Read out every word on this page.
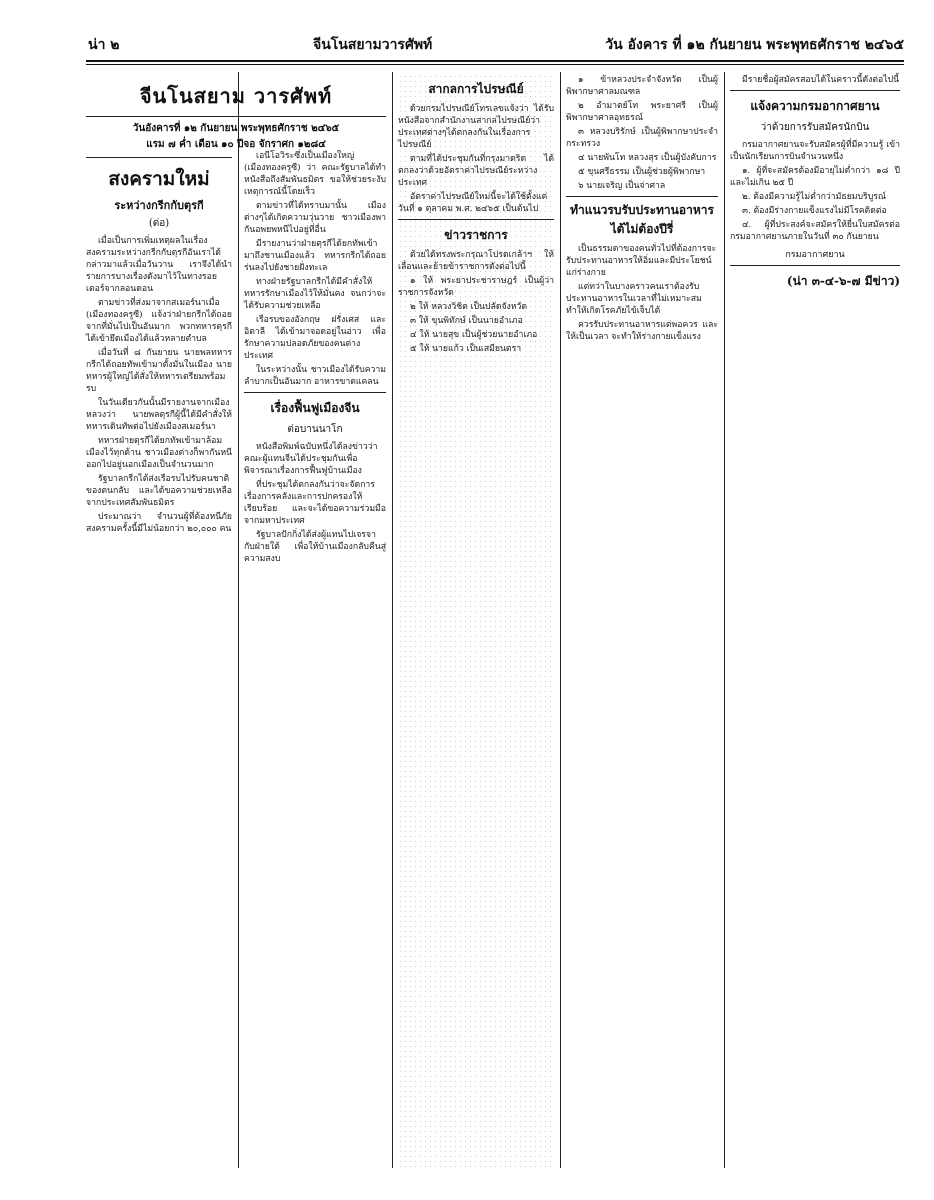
น่า ๒	จีนโนสยามวารศัพท์	วัน อังคาร ที่ ๑๒ กันยายน พระพุทธศักราช ๒๔๖๕
จีนโนสยาม วารศัพท์
วันอังคารที่ ๑๒ กันยายน พระพุทธศักราช ๒๔๖๕
แรม ๗ ค่ำ เดือน ๑๐ ปีจอ จักราศก ๑๒๘๔
สงครามใหม่
ระหว่างกรีกกับตุรกี
(ต่อ)

เมื่อเป็นการเพิ่มเหตุผลในเรื่องสงครามระหว่างกรีกกับตุรกีอันเราได้กล่าวมาแล้วเมื่อวันวาน เราจึงได้นำรายการบางเรื่องดังมาไว้ในทางรอยเตอร์จากลอนดอน

ตามข่าวที่ส่งมาจากสเมอร์นาเมื่อ (เมืองทองครูซี) แจ้งว่าฝ่ายกรีกได้ถอยจากที่มั่นไปเป็นอันมาก พวกทหารตุรกีได้เข้ายึดเมืองได้แล้วหลายตำบล

เมื่อวันที่ ๘ กันยายน นายพลทหารกรีกได้ถอยทัพเข้ามาตั้งมั่นในเมือง นายทหารผู้ใหญ่ได้สั่งให้ทหารเตรียมพร้อมรบ

ในวันเดียวกันนั้นมีรายงานจากเมืองหลวงว่า นายพลตุรกีผู้นี้ได้มีคำสั่งให้ทหารเดินทัพต่อไปยังเมืองสเมอร์นา

ทหารฝ่ายตุรกีได้ยกทัพเข้ามาล้อมเมืองไว้ทุกด้าน ชาวเมืองต่างก็พากันหนีออกไปอยู่นอกเมืองเป็นจำนวนมาก

รัฐบาลกรีกได้ส่งเรือรบไปรับคนชาติของตนกลับ และได้ขอความช่วยเหลือจากประเทศสัมพันธมิตร

ประมาณว่า จำนวนผู้ที่ต้องหนีภัยสงครามครั้งนี้มีไม่น้อยกว่า ๒๐,๐๐๐ คน

เอนีโอวิระซึ่งเป็นเมืองใหญ่ (เมืองทองครูซี) ว่า คณะรัฐบาลได้ทำหนังสือถึงสัมพันธมิตร ขอให้ช่วยระงับเหตุการณ์นี้โดยเร็ว

ตามข่าวที่ได้ทราบมานั้น เมืองต่างๆได้เกิดความวุ่นวาย ชาวเมืองพากันอพยพหนีไปอยู่ที่อื่น

มีรายงานว่าฝ่ายตุรกีได้ยกทัพเข้ามาถึงชานเมืองแล้ว ทหารกรีกได้ถอยร่นลงไปยังชายฝั่งทะเล

ทางฝ่ายรัฐบาลกรีกได้มีคำสั่งให้ทหารรักษาเมืองไว้ให้มั่นคง จนกว่าจะได้รับความช่วยเหลือ

เรือรบของอังกฤษ ฝรั่งเศส และอิตาลี ได้เข้ามาจอดอยู่ในอ่าว เพื่อรักษาความปลอดภัยของคนต่างประเทศ

ในระหว่างนั้น ชาวเมืองได้รับความลำบากเป็นอันมาก อาหารขาดแคลน

เรื่องฟื้นฟูเมืองจีน
ต่อบานนาโก

หนังสือพิมพ์ฉบับหนึ่งได้ลงข่าวว่า คณะผู้แทนจีนได้ประชุมกันเพื่อพิจารณาเรื่องการฟื้นฟูบ้านเมือง

ที่ประชุมได้ตกลงกันว่าจะจัดการเรื่องการคลังและการปกครองให้เรียบร้อย และจะได้ขอความร่วมมือจากมหาประเทศ

รัฐบาลปักกิ่งได้ส่งผู้แทนไปเจรจากับฝ่ายใต้ เพื่อให้บ้านเมืองกลับคืนสู่ความสงบ

สากลการไปรษณีย์

ด้วยกรมไปรษณีย์โทรเลขแจ้งว่า ได้รับหนังสือจากสำนักงานสากลไปรษณีย์ว่า ประเทศต่างๆได้ตกลงกันในเรื่องการไปรษณีย์

ตามที่ได้ประชุมกันที่กรุงมาดริด ได้ตกลงว่าด้วยอัตราค่าไปรษณีย์ระหว่างประเทศ

อัตราค่าไปรษณีย์ใหม่นี้จะได้ใช้ตั้งแต่วันที่ ๑ ตุลาคม พ.ศ. ๒๔๖๕ เป็นต้นไป

ข่าวราชการ

ด้วยได้ทรงพระกรุณาโปรดเกล้าฯ ให้เลื่อนและย้ายข้าราชการดังต่อไปนี้

๑ ให้ พระยาประชาราษฎร์ เป็นผู้ว่าราชการจังหวัด

๒ ให้ หลวงวิชิต เป็นปลัดจังหวัด

๓ ให้ ขุนพิทักษ์ เป็นนายอำเภอ

๔ ให้ นายสุข เป็นผู้ช่วยนายอำเภอ

๕ ให้ นายแก้ว เป็นเสมียนตรา

๑ ข้าหลวงประจำจังหวัด เป็นผู้พิพากษาศาลมณฑล

๒ อำมาตย์โท พระยาศรี เป็นผู้พิพากษาศาลอุทธรณ์

๓ หลวงบริรักษ์ เป็นผู้พิพากษาประจำกระทรวง

๔ นายพันโท หลวงสุร เป็นผู้บังคับการ

๕ ขุนศรีธรรม เป็นผู้ช่วยผู้พิพากษา

๖ นายเจริญ เป็นจ่าศาล

ทำแนวรบรับประทานอาหารไต้ไม่ต้องปีรี่

เป็นธรรมดาของคนทั่วไปที่ต้องการจะรับประทานอาหารให้อิ่มและมีประโยชน์แก่ร่างกาย

แต่ทว่าในบางคราวคนเราต้องรับประทานอาหารในเวลาที่ไม่เหมาะสม ทำให้เกิดโรคภัยไข้เจ็บได้

ควรรับประทานอาหารแต่พอควร และให้เป็นเวลา จะทำให้ร่างกายแข็งแรง

มีรายชื่อผู้สมัครสอบได้ในคราวนี้ดังต่อไปนี้

แจ้งความกรมอากาศยาน
ว่าด้วยการรับสมัครนักบิน

กรมอากาศยานจะรับสมัครผู้ที่มีความรู้ เข้าเป็นนักเรียนการบินจำนวนหนึ่ง

๑. ผู้ที่จะสมัครต้องมีอายุไม่ต่ำกว่า ๑๘ ปี และไม่เกิน ๒๕ ปี

๒. ต้องมีความรู้ไม่ต่ำกว่ามัธยมบริบูรณ์

๓. ต้องมีร่างกายแข็งแรงไม่มีโรคติดต่อ

๔. ผู้ที่ประสงค์จะสมัครให้ยื่นใบสมัครต่อกรมอากาศยานภายในวันที่ ๓๐ กันยายน

กรมอากาศยาน
(น่า ๓-๔-๖-๗ มีข่าว)
